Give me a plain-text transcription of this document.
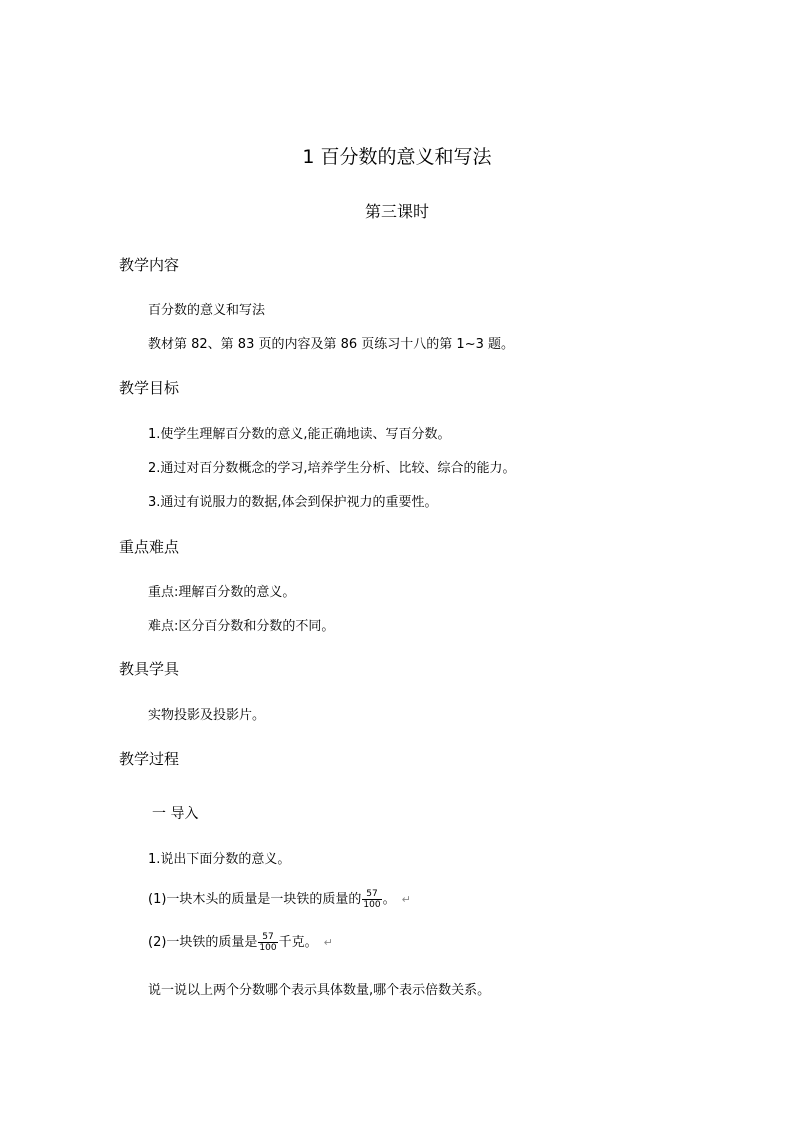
1 百分数的意义和写法
第三课时
教学内容
百分数的意义和写法
教材第 82、第 83 页的内容及第 86 页练习十八的第 1~3 题。
教学目标
1.使学生理解百分数的意义,能正确地读、写百分数。
2.通过对百分数概念的学习,培养学生分析、比较、综合的能力。
3.通过有说服力的数据,体会到保护视力的重要性。
重点难点
重点:理解百分数的意义。
难点:区分百分数和分数的不同。
教具学具
实物投影及投影片。
教学过程
一 导入
1.说出下面分数的意义。
(1)一块木头的质量是一块铁的质量的 $\frac{57}{100}$ 。 ↵
(2)一块铁的质量是 $\frac{57}{100}$ 千克。 ↵
说一说以上两个分数哪个表示具体数量,哪个表示倍数关系。
